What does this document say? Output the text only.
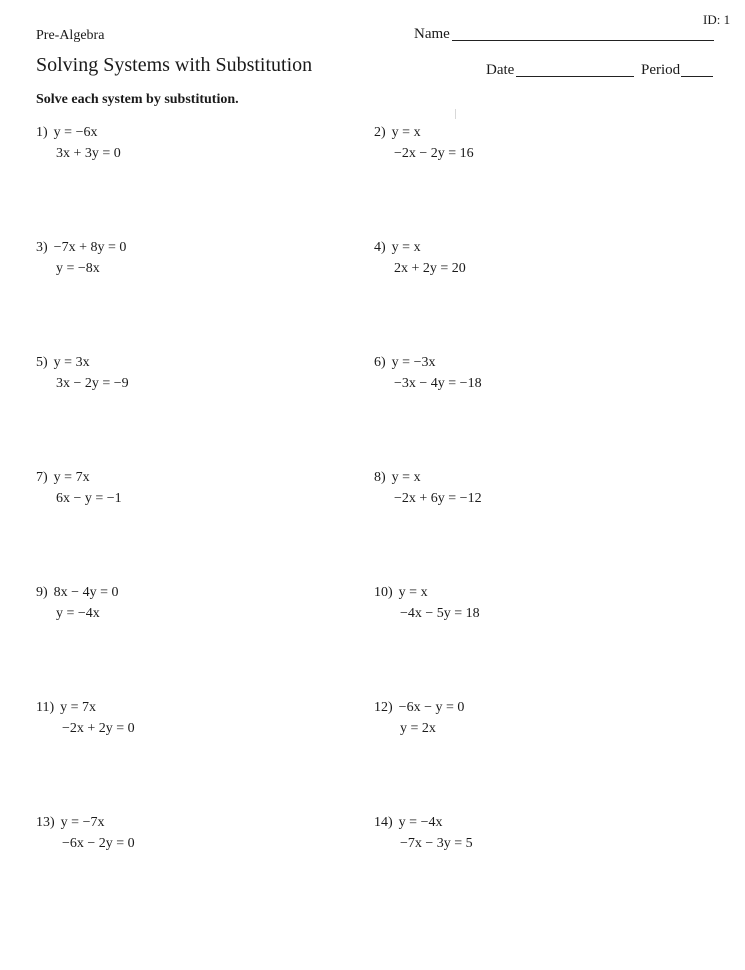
ID: 1
Pre-Algebra	Name
Solving Systems with Substitution	Date	Period
Solve each system by substitution.
1) y = −6x
3x + 3y = 0
3) −7x + 8y = 0
y = −8x
5) y = 3x
3x − 2y = −9
7) y = 7x
6x − y = −1
9) 8x − 4y = 0
y = −4x
11) y = 7x
−2x + 2y = 0
13) y = −7x
−6x − 2y = 0
2) y = x
−2x − 2y = 16
4) y = x
2x + 2y = 20
6) y = −3x
−3x − 4y = −18
8) y = x
−2x + 6y = −12
10) y = x
−4x − 5y = 18
12) −6x − y = 0
y = 2x
14) y = −4x
−7x − 3y = 5
